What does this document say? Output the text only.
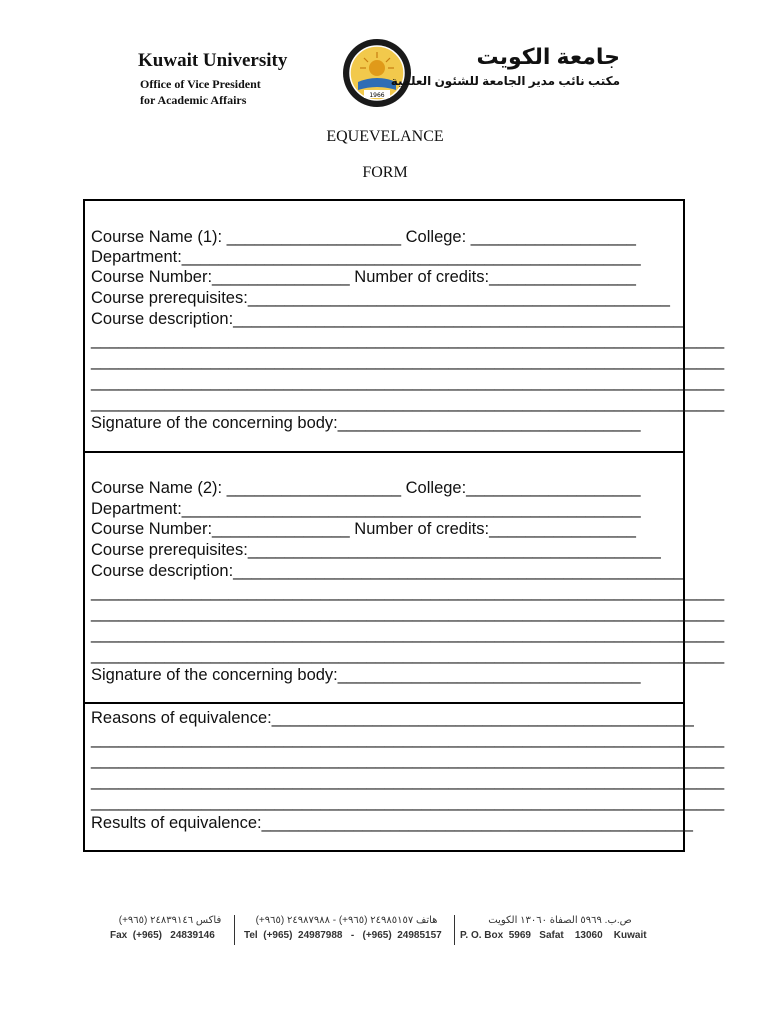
Kuwait University
Office of Vice President
for Academic Affairs	1966
جامعة الكويت
مكتب نائب مدير الجامعة للشئون العلمية
EQUEVELANCE
FORM
Course Name (1): ___________________ College: __________________
Department:__________________________________________________
Course Number:_______________ Number of credits:________________
Course prerequisites:______________________________________________
Course description:_________________________________________________
_____________________________________________________________________
_____________________________________________________________________
_____________________________________________________________________
_____________________________________________________________________
Signature of the concerning body:_________________________________
Course Name (2): ___________________ College:___________________
Department:__________________________________________________
Course Number:_______________ Number of credits:________________
Course prerequisites:_____________________________________________
Course description:_________________________________________________
_____________________________________________________________________
_____________________________________________________________________
_____________________________________________________________________
_____________________________________________________________________
Signature of the concerning body:_________________________________
Reasons of equivalence:______________________________________________
_____________________________________________________________________
_____________________________________________________________________
_____________________________________________________________________
_____________________________________________________________________
Results of equivalence:_______________________________________________
فاكس ٢٤٨٣٩١٤٦ (٩٦٥+)
Fax  (+965)   24839146
هاتف ٢٤٩٨٥١٥٧ (٩٦٥+) - ٢٤٩٨٧٩٨٨ (٩٦٥+)
Tel  (+965)  24987988   -   (+965)  24985157
ص.ب. ٥٩٦٩ الصفاة ١٣٠٦٠ الكويت
P. O. Box  5969   Safat    13060    Kuwait
